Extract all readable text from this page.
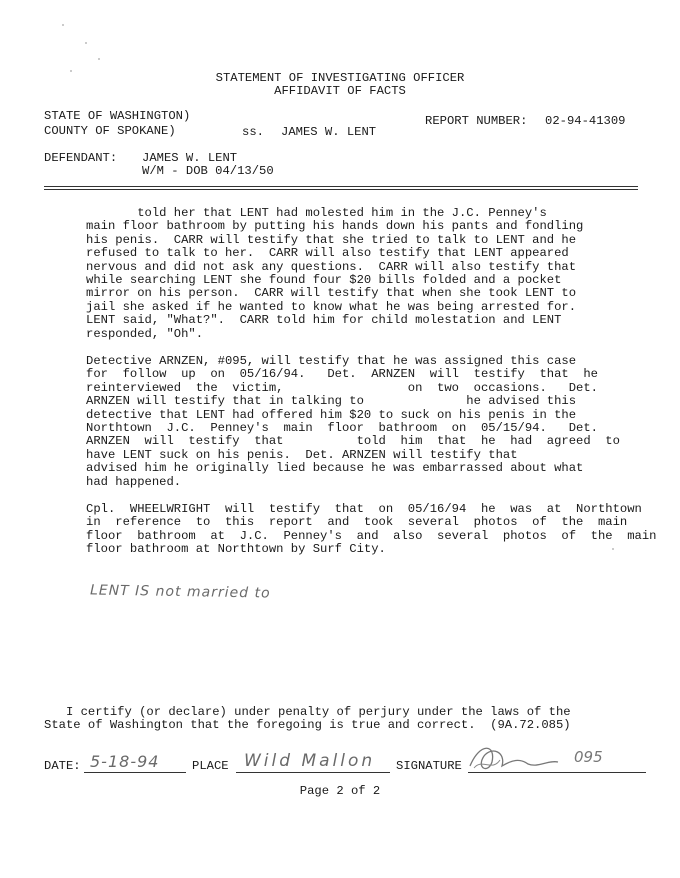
STATEMENT OF INVESTIGATING OFFICER
AFFIDAVIT OF FACTS
STATE OF WASHINGTON)
COUNTY OF SPOKANE)	ss. JAMES W. LENT
REPORT NUMBER: 02-94-41309
DEFENDANT: JAMES W. LENT
W/M - DOB 04/13/50
told her that LENT had molested him in the J.C. Penney's
main floor bathroom by putting his hands down his pants and fondling
his penis.  CARR will testify that she tried to talk to LENT and he
refused to talk to her.  CARR will also testify that LENT appeared
nervous and did not ask any questions.  CARR will also testify that
while searching LENT she found four $20 bills folded and a pocket
mirror on his person.  CARR will testify that when she took LENT to
jail she asked if he wanted to know what he was being arrested for.
LENT said, "What?".  CARR told him for child molestation and LENT
responded, "Oh".
Detective ARNZEN, #095, will testify that he was assigned this case
for  follow  up  on  05/16/94.   Det.  ARNZEN  will  testify  that  he
reinterviewed  the  victim,                 on  two  occasions.   Det.
ARNZEN will testify that in talking to              he advised this
detective that LENT had offered him $20 to suck on his penis in the
Northtown  J.C.  Penney's  main  floor  bathroom  on  05/15/94.   Det.
ARNZEN  will  testify  that          told  him  that  he  had  agreed  to
have LENT suck on his penis.  Det. ARNZEN will testify that
advised him he originally lied because he was embarrassed about what
had happened.
Cpl.  WHEELWRIGHT  will  testify  that  on  05/16/94  he  was  at  Northtown
in  reference  to  this  report  and  took  several  photos  of  the  main
floor  bathroom  at  J.C.  Penney's  and  also  several  photos  of  the  main
floor bathroom at Northtown by Surf City.
LENT IS not married to
I certify (or declare) under penalty of perjury under the laws of the
State of Washington that the foregoing is true and correct.  (9A.72.085)
DATE: 5-18-94	PLACE Wild Mallon SIGNATURE	095
Page 2 of 2
